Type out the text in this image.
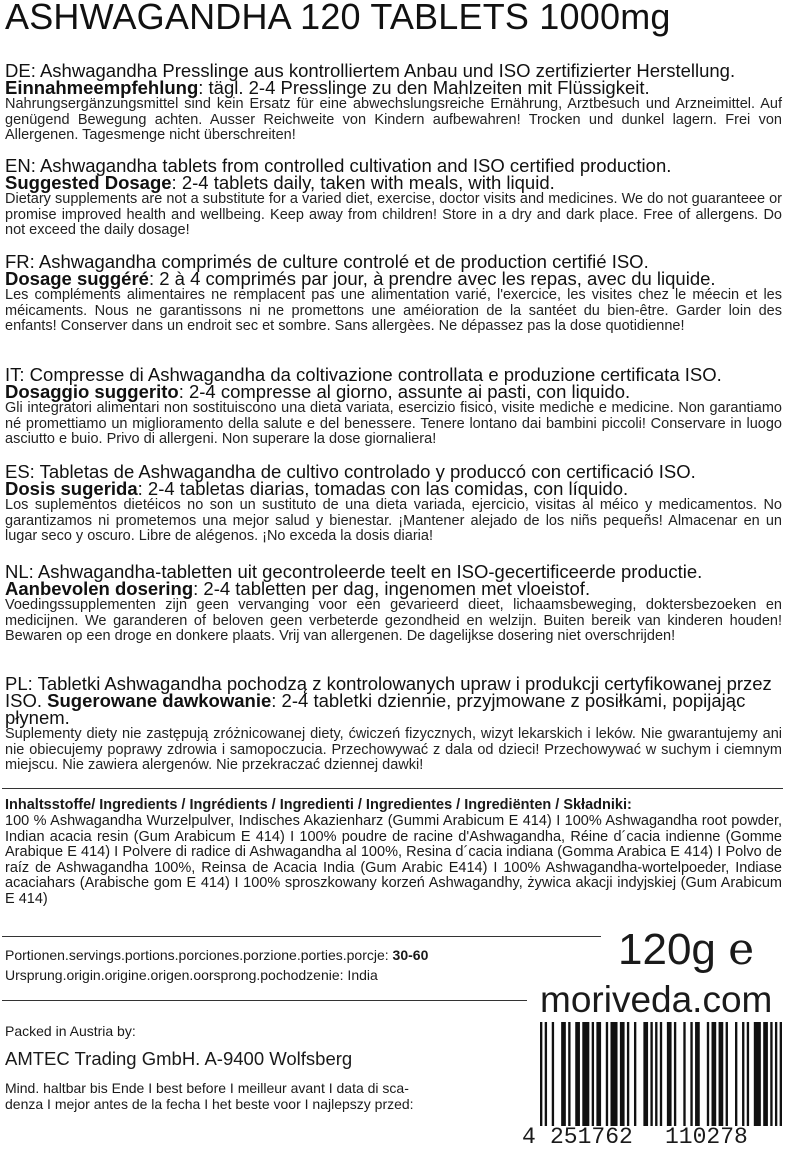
ASHWAGANDHA 120 TABLETS 1000mg
DE: Ashwagandha Presslinge aus kontrolliertem Anbau und ISO zertifizierter Herstellung.
Einnahmeempfehlung: tägl. 2-4 Presslinge zu den Mahlzeiten mit Flüssigkeit.
Nahrungsergänzungsmittel sind kein Ersatz für eine abwechslungsreiche Ernährung, Arztbesuch und Arzneimittel. Auf genügend Bewegung achten. Ausser Reichweite von Kindern aufbewahren! Trocken und dunkel lagern. Frei von Allergenen. Tagesmenge nicht überschreiten!
EN: Ashwagandha tablets from controlled cultivation and ISO certified production.
Suggested Dosage: 2-4 tablets daily, taken with meals, with liquid.
Dietary supplements are not a substitute for a varied diet, exercise, doctor visits and medicines. We do not guaranteee or promise improved health and wellbeing. Keep away from children! Store in a dry and dark place. Free of allergens. Do not exceed the daily dosage!
FR: Ashwagandha comprimés de culture controlé et de production certifié ISO.
Dosage suggéré: 2 à 4 comprimés par jour, à prendre avec les repas, avec du liquide.
Les compléments alimentaires ne remplacent pas une alimentation varié, l'exercice, les visites chez le méecin et les méicaments. Nous ne garantissons ni ne promettons une améioration de la santéet du bien-être. Garder loin des enfants! Conserver dans un endroit sec et sombre. Sans allergèes. Ne dépassez pas la dose quotidienne!
IT: Compresse di Ashwagandha da coltivazione controllata e produzione certificata ISO.
Dosaggio suggerito: 2-4 compresse al giorno, assunte ai pasti, con liquido.
Gli integratori alimentari non sostituiscono una dieta variata, esercizio fisico, visite mediche e medicine. Non garantiamo né promettiamo un miglioramento della salute e del benessere. Tenere lontano dai bambini piccoli! Conservare in luogo asciutto e buio. Privo di allergeni. Non superare la dose giornaliera!
ES: Tabletas de Ashwagandha de cultivo controlado y produccó con certificació ISO.
Dosis sugerida: 2-4 tabletas diarias, tomadas con las comidas, con líquido.
Los suplementos dietéicos no son un sustituto de una dieta variada, ejercicio, visitas al méico y medicamentos. No garantizamos ni prometemos una mejor salud y bienestar. ¡Mantener alejado de los niñs pequeñs! Almacenar en un lugar seco y oscuro. Libre de alégenos. ¡No exceda la dosis diaria!
NL: Ashwagandha-tabletten uit gecontroleerde teelt en ISO-gecertificeerde productie.
Aanbevolen dosering: 2-4 tabletten per dag, ingenomen met vloeistof.
Voedingssupplementen zijn geen vervanging voor een gevarieerd dieet, lichaamsbeweging, doktersbezoeken en medicijnen. We garanderen of beloven geen verbeterde gezondheid en welzijn. Buiten bereik van kinderen houden! Bewaren op een droge en donkere plaats. Vrij van allergenen. De dagelijkse dosering niet overschrijden!
PL: Tabletki Ashwagandha pochodzą z kontrolowanych upraw i produkcji certyfikowanej przez ISO. Sugerowane dawkowanie: 2-4 tabletki dziennie, przyjmowane z posiłkami, popijając płynem.
Suplementy diety nie zastępują zróżnicowanej diety, ćwiczeń fizycznych, wizyt lekarskich i leków. Nie gwarantujemy ani nie obiecujemy poprawy zdrowia i samopoczucia. Przechowywać z dala od dzieci! Przechowywać w suchym i ciemnym miejscu. Nie zawiera alergenów. Nie przekraczać dziennej dawki!
Inhaltsstoffe/ Ingredients / Ingrédients / Ingredienti / Ingredientes / Ingrediënten / Składniki:
100 % Ashwagandha Wurzelpulver, Indisches Akazienharz (Gummi Arabicum E 414) I 100% Ashwagandha root powder, Indian acacia resin (Gum Arabicum E 414) I 100% poudre de racine d'Ashwagandha, Réine d´cacia indienne (Gomme Arabique E 414) I Polvere di radice di Ashwagandha al 100%, Resina d´cacia indiana (Gomma Arabica E 414) I Polvo de raíz de Ashwagandha 100%, Reinsa de Acacia India (Gum Arabic E414) I 100% Ashwagandha-wortelpoeder, Indiase acaciahars (Arabische gom E 414) I 100% sproszkowany korzeń Ashwagandhy, żywica akacji indyjskiej (Gum Arabicum E 414)
Portionen.servings.portions.porciones.porzione.porties.porcje: 30-60
Ursprung.origin.origine.origen.oorsprong.pochodzenie: India
Packed in Austria by:
AMTEC Trading GmbH. A-9400 Wolfsberg
Mind. haltbar bis Ende I best before I meilleur avant I data di sca-
denza I mejor antes de la fecha I het beste voor I najlepszy przed:
120g e
moriveda.com
4 251762 110278
